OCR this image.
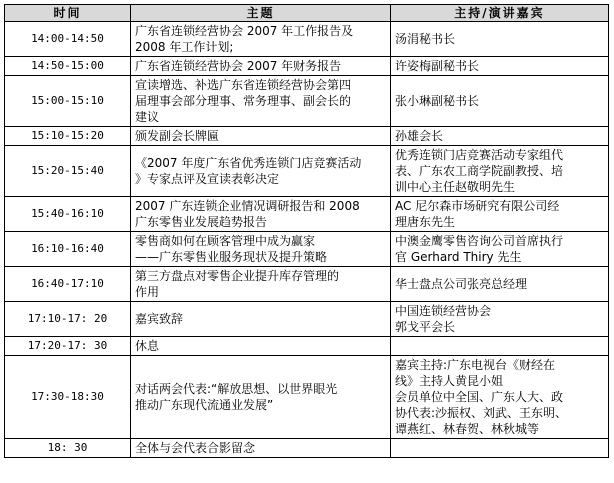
时间	主题	主持/演讲嘉宾
14:00-14:50	广东省连锁经营协会 2007 年工作报告及
2008 年工作计划;	汤涓秘书长

14:50-15:00	广东省连锁经营协会 2007 年财务报告	许姿梅副秘书长

15:00-15:10	宣读增选、补选广东省连锁经营协会第四
届理事会部分理事、常务理事、副会长的
建议	张小琳副秘书长

15:10-15:20	颁发副会长牌匾	孙雄会长

15:20-15:40	《2007 年度广东省优秀连锁门店竞赛活动
》专家点评及宣读表彰决定	优秀连锁门店竞赛活动专家组代
表、广东农工商学院副教授、培
训中心主任赵敬明先生

15:40-16:10	2007 广东连锁企业情况调研报告和 2008
广东零售业发展趋势报告	AC 尼尔森市场研究有限公司经
理唐东先生

16:10-16:40	零售商如何在顾客管理中成为赢家
——广东零售业服务现状及提升策略	中澳金鹰零售咨询公司首席执行
官 Gerhard Thiry 先生

16:40-17:10	第三方盘点对零售企业提升库存管理的
作用	华士盘点公司张亮总经理

17:10-17: 20	嘉宾致辞	中国连锁经营协会
郭戈平会长

17:20-17: 30	休息	

17:30-18:30	对话两会代表:“解放思想、以世界眼光
推动广东现代流通业发展”	嘉宾主持:广东电视台《财经在
线》主持人黄昆小姐
会员单位中全国、广东人大、政
协代表:沙振权、刘武、王东明、
谭燕红、林春贺、林秋城等

18: 30	全体与会代表合影留念	
